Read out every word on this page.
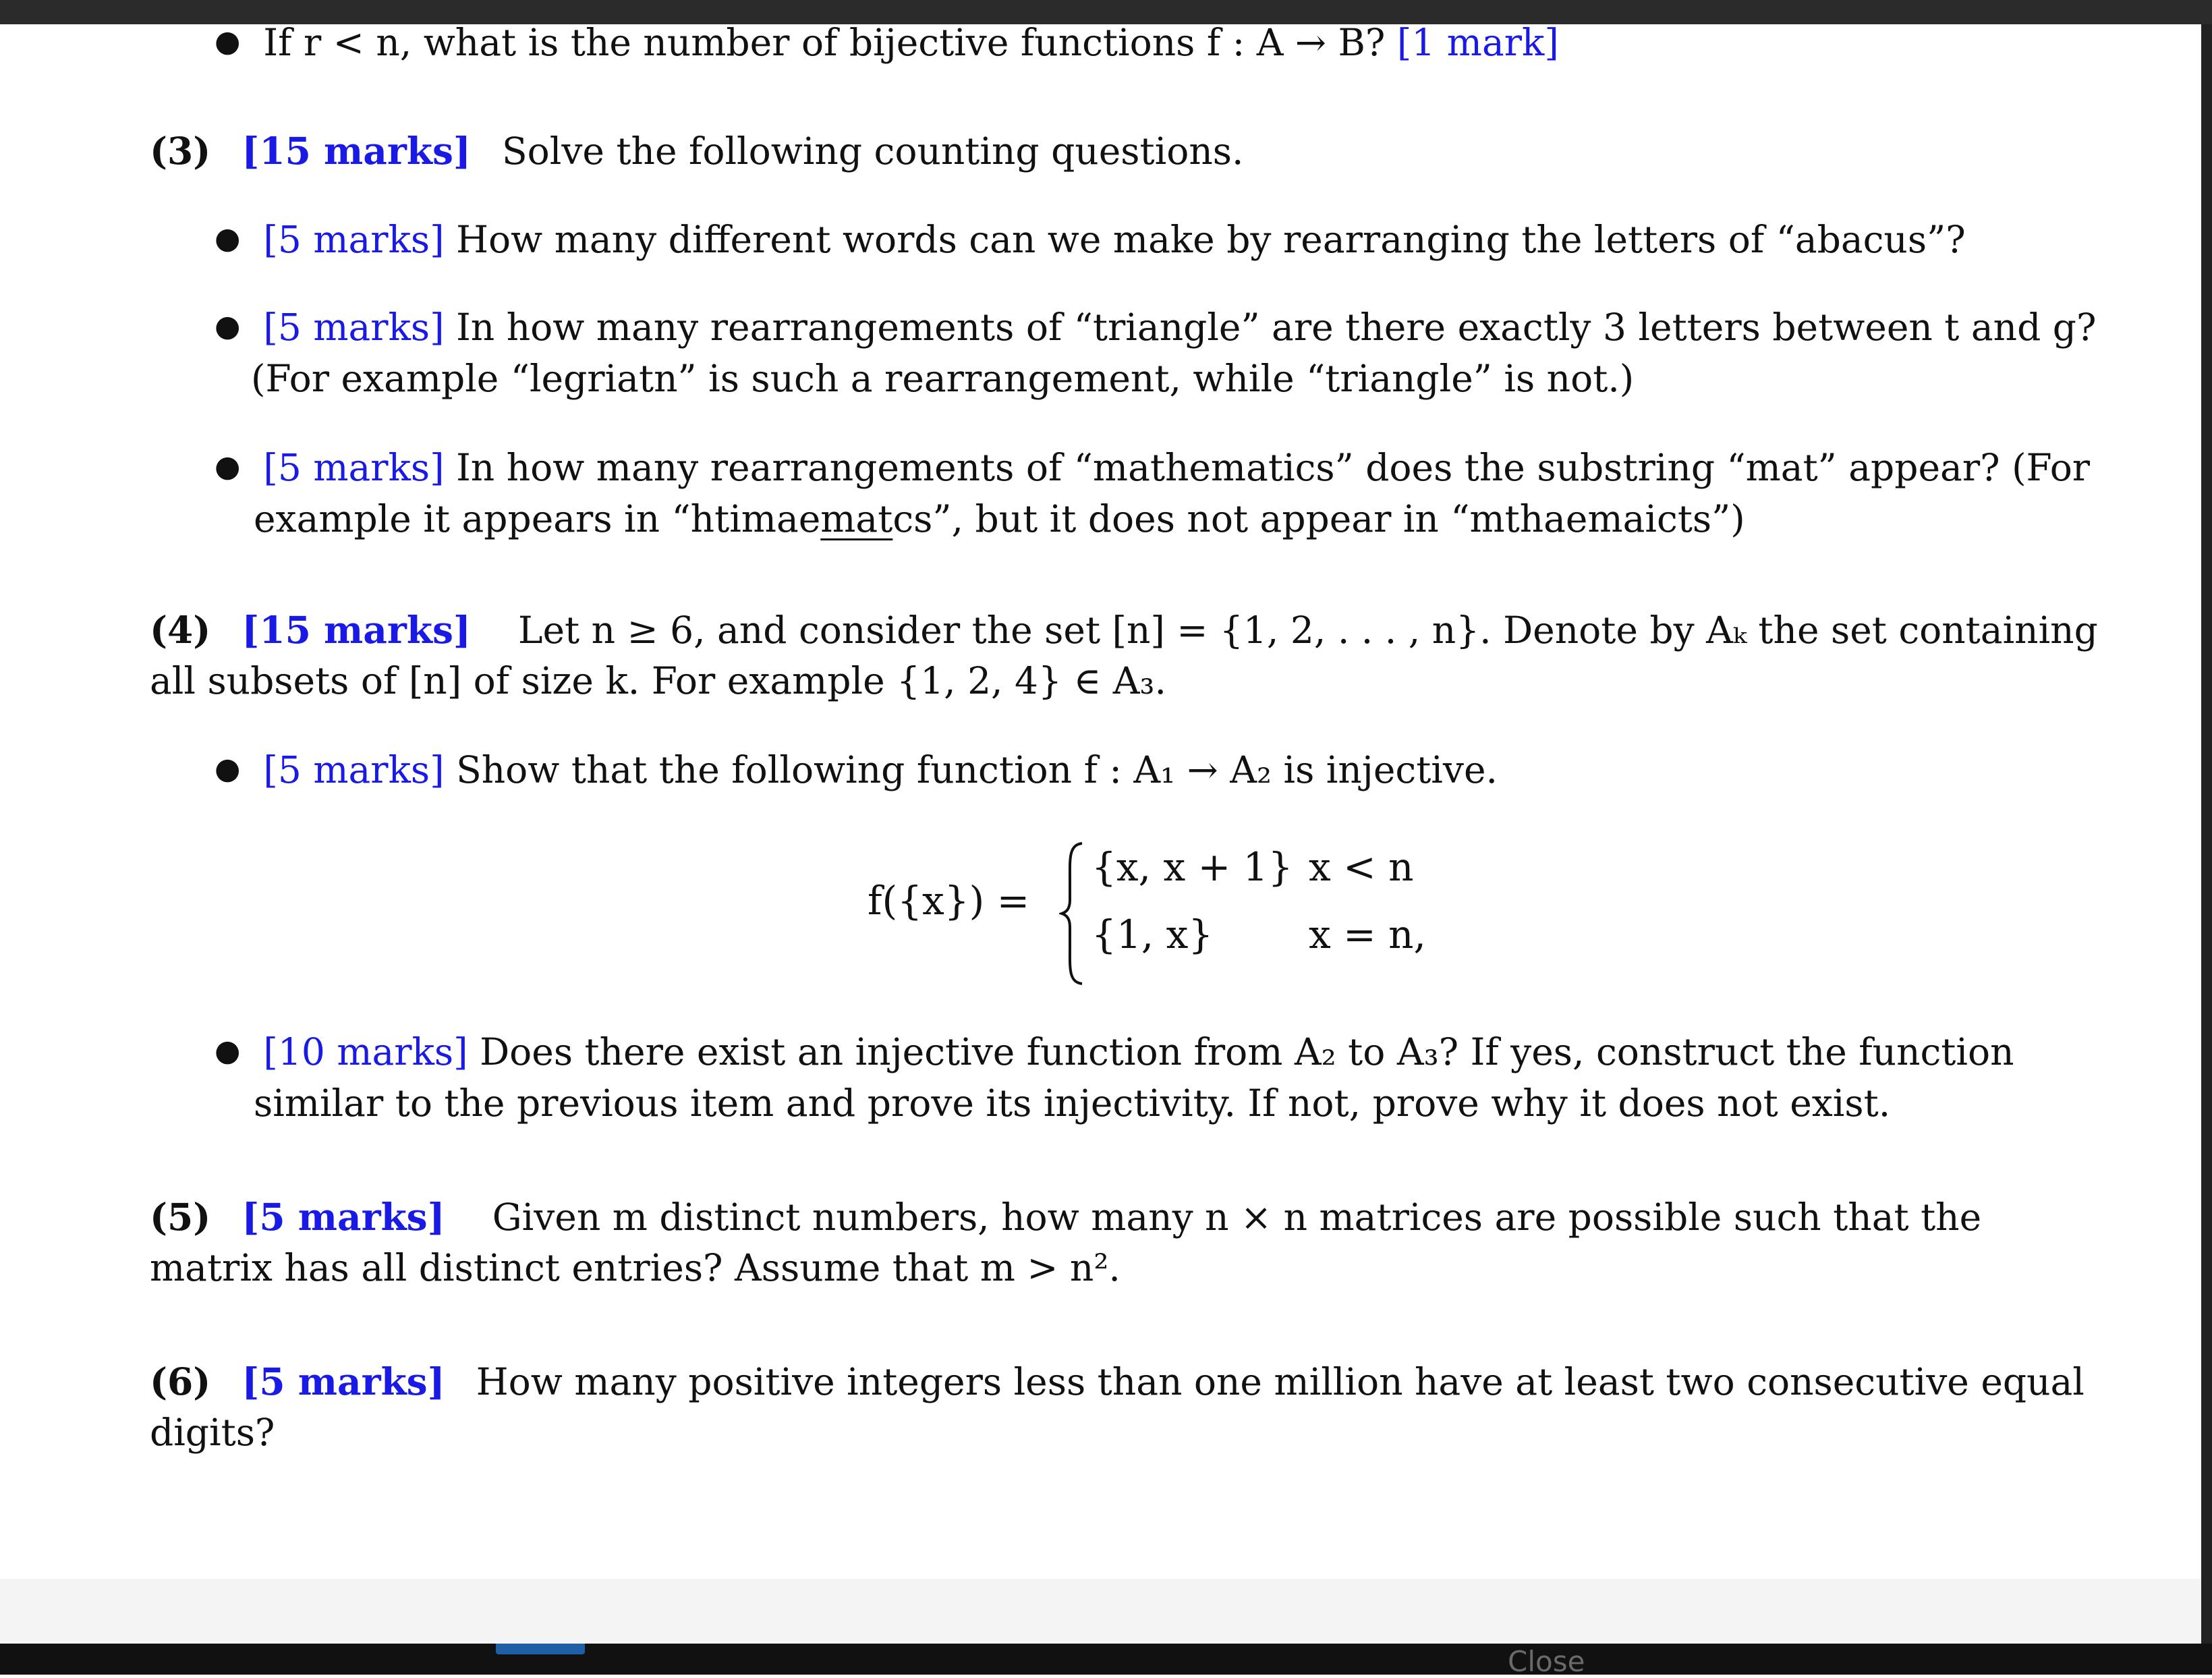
● If r < n, what is the number of bijective functions f : A → B? [1 mark]
(3) [15 marks] Solve the following counting questions.
● [5 marks] How many different words can we make by rearranging the letters of “abacus”?
● [5 marks] In how many rearrangements of “triangle” are there exactly 3 letters between t and g?
(For example “legriatn” is such a rearrangement, while “triangle” is not.)
● [5 marks] In how many rearrangements of “mathematics” does the substring “mat” appear? (For
example it appears in “htimaematcs”, but it does not appear in “mthaemaicts”)
(4) [15 marks] Let n ≥ 6, and consider the set [n] = {1, 2, . . . , n}. Denote by Aₖ the set containing
all subsets of [n] of size k. For example {1, 2, 4} ∈ A₃.
● [5 marks] Show that the following function f : A₁ → A₂ is injective.
f({x}) =
{x, x + 1} x < n
{1, x} x = n,
● [10 marks] Does there exist an injective function from A₂ to A₃? If yes, construct the function
similar to the previous item and prove its injectivity. If not, prove why it does not exist.
(5) [5 marks] Given m distinct numbers, how many n × n matrices are possible such that the
matrix has all distinct entries? Assume that m > n².
(6) [5 marks] How many positive integers less than one million have at least two consecutive equal
digits?
Close
